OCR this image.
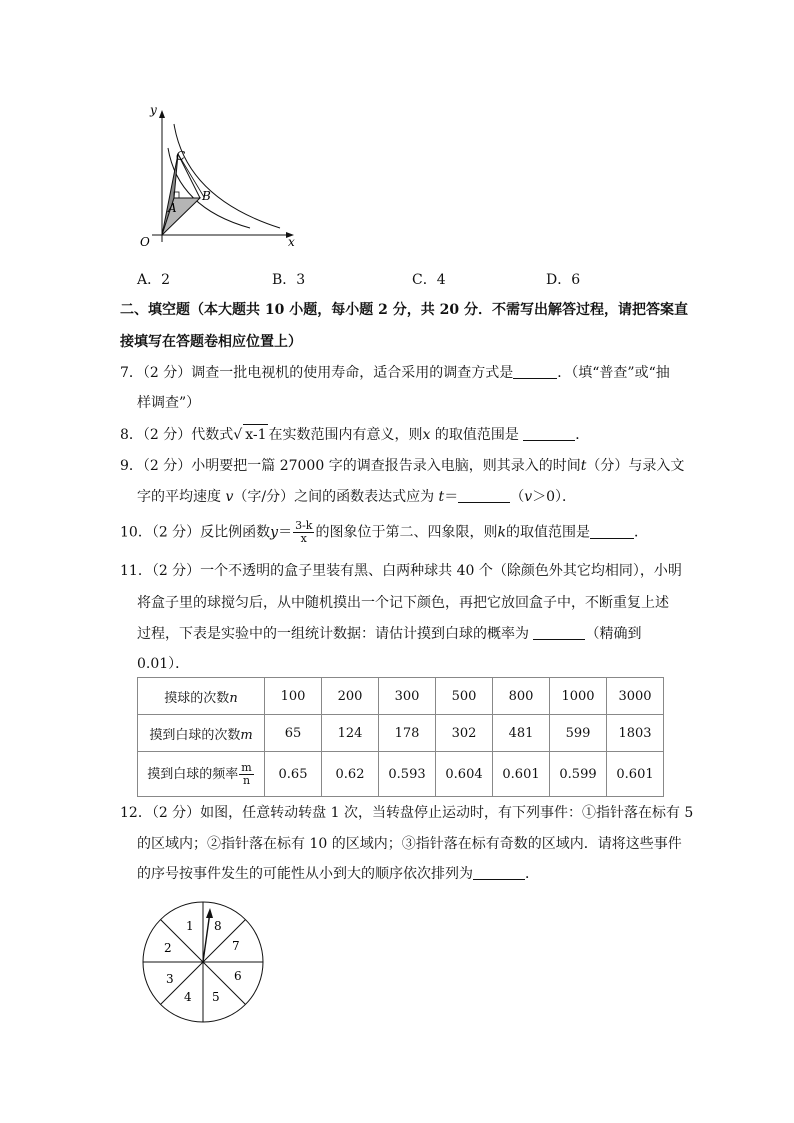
y
x
O
C
A
B
A．2	B．3	C．4	D．6
二、填空题（本大题共 10 小题，每小题 2 分，共 20 分．不需写出解答过程，请把答案直
接填写在答题卷相应位置上）
7．（2 分）调查一批电视机的使用寿命，适合采用的调查方式是	．（填“普查”或“抽
样调查”）
8．（2 分）代数式√ x-1 在实数范围内有意义，则x 的取值范围是	．
9．（2 分）小明要把一篇 27000 字的调查报告录入电脑，则其录入的时间t（分）与录入文
字的平均速度 v（字/分）之间的函数表达式应为 t＝	（v＞0）．
10．（2 分）反比例函数$y= \frac{3-k}{x}$ 的图象位于第二、四象限，则k的取值范围是	．
11．（2 分）一个不透明的盒子里装有黑、白两种球共 40 个（除颜色外其它均相同），小明
将盒子里的球搅匀后，从中随机摸出一个记下颜色，再把它放回盒子中，不断重复上述
过程，下表是实验中的一组统计数据：请估计摸到白球的概率为	（精确到
0.01）．
摸球的次数n	100	200	300	500	800	1000	3000
摸到白球的次数m	65	124	178	302	481	599	1803
摸到白球的频率 $\frac{m}{n}$	0.65	0.62	0.593	0.604	0.601	0.599	0.601
12．（2 分）如图，任意转动转盘 1 次，当转盘停止运动时，有下列事件：①指针落在标有 5
的区域内；②指针落在标有 10 的区域内；③指针落在标有奇数的区域内．请将这些事件
的序号按事件发生的可能性从小到大的顺序依次排列为	．
1
2
3
4 5
6
7
8
